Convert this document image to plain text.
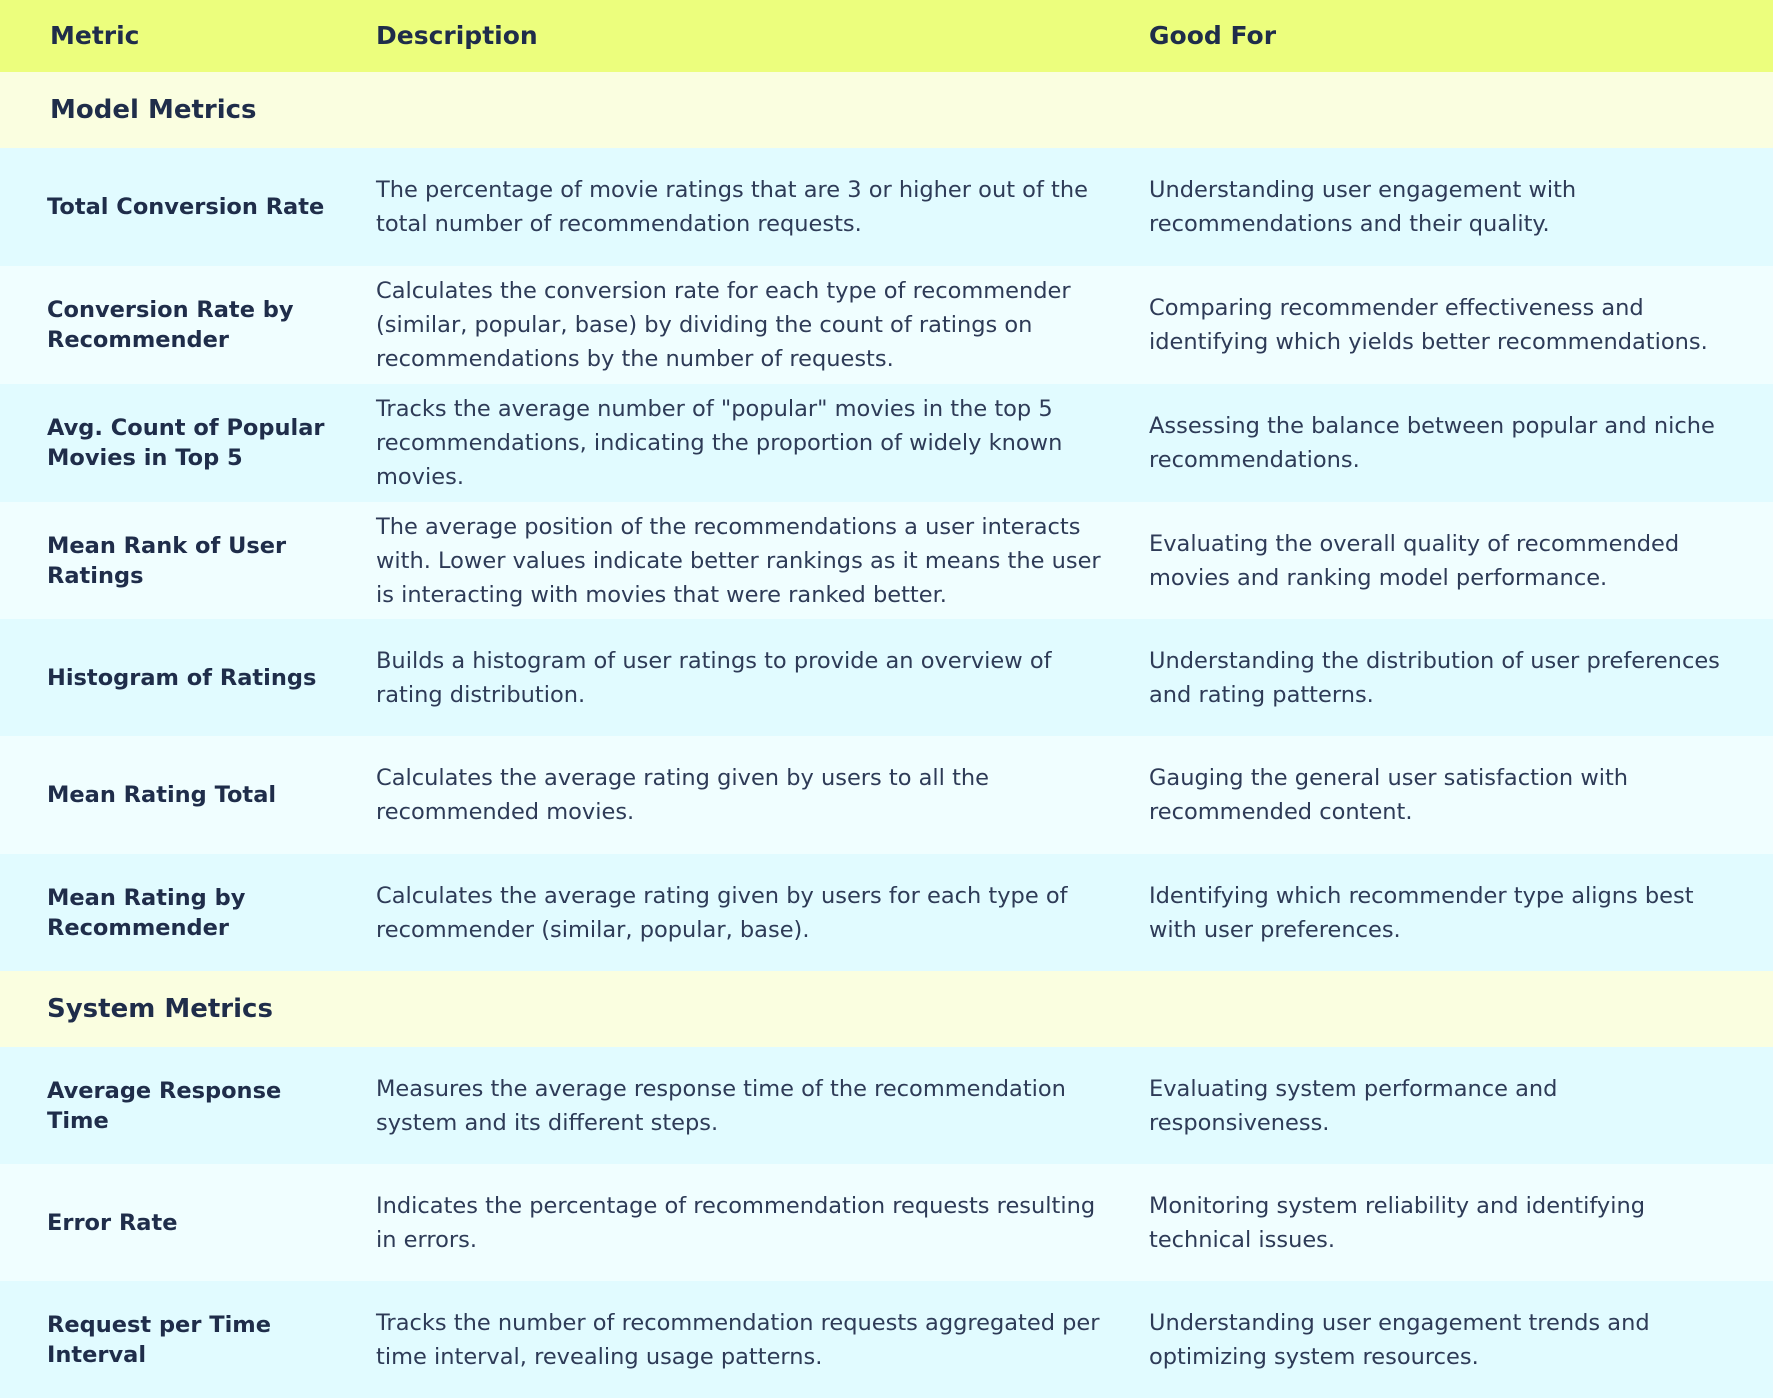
Metric	Description	Good For
Model Metrics
Total Conversion Rate
The percentage of movie ratings that are 3 or higher out of the total number of recommendation requests.
Understanding user engagement with recommendations and their quality.
Conversion Rate by Recommender
Calculates the conversion rate for each type of recommender (similar, popular, base) by dividing the count of ratings on recommendations by the number of requests.
Comparing recommender effectiveness and identifying which yields better recommendations.
Avg. Count of Popular Movies in Top 5
Tracks the average number of "popular" movies in the top 5 recommendations, indicating the proportion of widely known movies.
Assessing the balance between popular and niche recommendations.
Mean Rank of User Ratings
The average position of the recommendations a user interacts with. Lower values indicate better rankings as it means the user is interacting with movies that were ranked better.
Evaluating the overall quality of recommended movies and ranking model performance.
Histogram of Ratings
Builds a histogram of user ratings to provide an overview of rating distribution.
Understanding the distribution of user preferences and rating patterns.
Mean Rating Total
Calculates the average rating given by users to all the recommended movies.
Gauging the general user satisfaction with recommended content.
Mean Rating by Recommender
Calculates the average rating given by users for each type of recommender (similar, popular, base).
Identifying which recommender type aligns best with user preferences.
System Metrics
Average Response Time
Measures the average response time of the recommendation system and its different steps.
Evaluating system performance and responsiveness.
Error Rate
Indicates the percentage of recommendation requests resulting in errors.
Monitoring system reliability and identifying technical issues.
Request per Time Interval
Tracks the number of recommendation requests aggregated per time interval, revealing usage patterns.
Understanding user engagement trends and optimizing system resources.
